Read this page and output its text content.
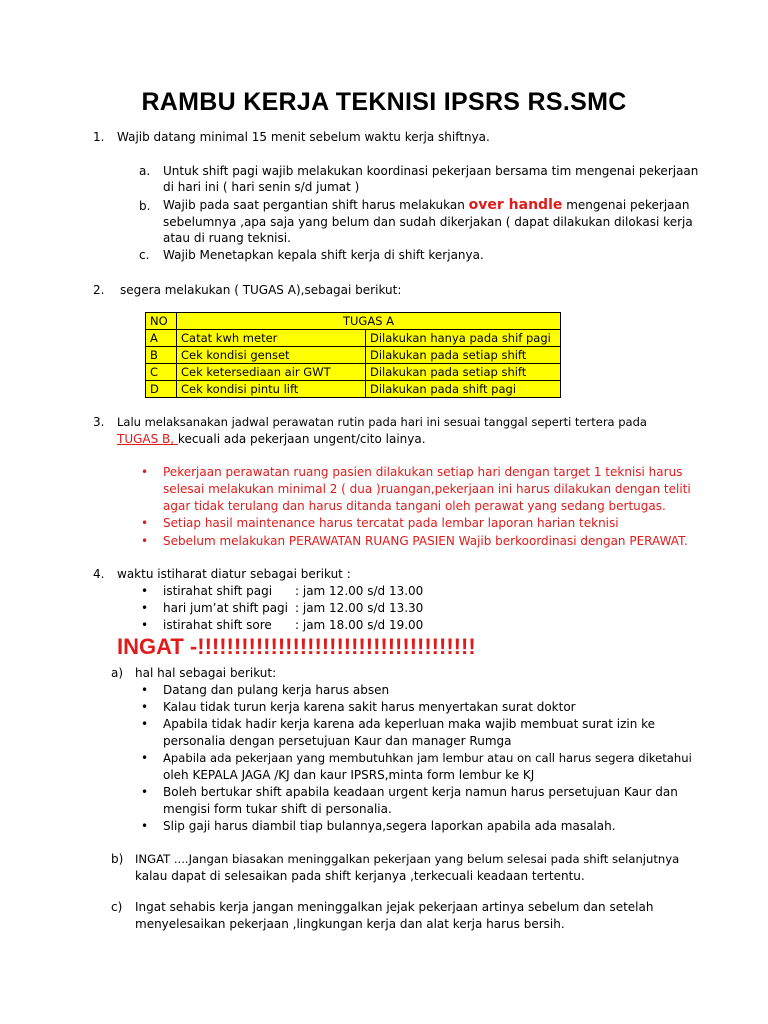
RAMBU KERJA TEKNISI IPSRS RS.SMC
1. Wajib datang minimal 15 menit sebelum waktu kerja shiftnya.
a. Untuk shift pagi wajib melakukan koordinasi pekerjaan bersama tim mengenai pekerjaan
di hari ini ( hari senin s/d jumat )
b. Wajib pada saat pergantian shift harus melakukan over handle mengenai pekerjaan
sebelumnya ,apa saja yang belum dan sudah dikerjakan ( dapat dilakukan dilokasi kerja
atau di ruang teknisi.
c. Wajib Menetapkan kepala shift kerja di shift kerjanya.
2. segera melakukan ( TUGAS A),sebagai berikut:
NO	TUGAS A	
A	Catat kwh meter	Dilakukan hanya pada shif pagi
B	Cek kondisi genset	Dilakukan pada setiap shift
C	Cek ketersediaan air GWT	Dilakukan pada setiap shift
D	Cek kondisi pintu lift	Dilakukan pada shift pagi
3. Lalu melaksanakan jadwal perawatan rutin pada hari ini sesuai tanggal seperti tertera pada
TUGAS B, kecuali ada pekerjaan ungent/cito lainya.
• Pekerjaan perawatan ruang pasien dilakukan setiap hari dengan target 1 teknisi harus
selesai melakukan minimal 2 ( dua )ruangan,pekerjaan ini harus dilakukan dengan teliti
agar tidak terulang dan harus ditanda tangani oleh perawat yang sedang bertugas.
• Setiap hasil maintenance harus tercatat pada lembar laporan harian teknisi
• Sebelum melakukan PERAWATAN RUANG PASIEN Wajib berkoordinasi dengan PERAWAT.
4. waktu istiharat diatur sebagai berikut :
• istirahat shift pagi : jam 12.00 s/d 13.00
• hari jum’at shift pagi : jam 12.00 s/d 13.30
• istirahat shift sore : jam 18.00 s/d 19.00
INGAT -!!!!!!!!!!!!!!!!!!!!!!!!!!!!!!!!!!!!!!
a) hal hal sebagai berikut:
• Datang dan pulang kerja harus absen
• Kalau tidak turun kerja karena sakit harus menyertakan surat doktor
• Apabila tidak hadir kerja karena ada keperluan maka wajib membuat surat izin ke
personalia dengan persetujuan Kaur dan manager Rumga
• Apabila ada pekerjaan yang membutuhkan jam lembur atau on call harus segera diketahui
oleh KEPALA JAGA /KJ dan kaur IPSRS,minta form lembur ke KJ
• Boleh bertukar shift apabila keadaan urgent kerja namun harus persetujuan Kaur dan
mengisi form tukar shift di personalia.
• Slip gaji harus diambil tiap bulannya,segera laporkan apabila ada masalah.
b) INGAT ....Jangan biasakan meninggalkan pekerjaan yang belum selesai pada shift selanjutnya
kalau dapat di selesaikan pada shift kerjanya ,terkecuali keadaan tertentu.
c) Ingat sehabis kerja jangan meninggalkan jejak pekerjaan artinya sebelum dan setelah
menyelesaikan pekerjaan ,lingkungan kerja dan alat kerja harus bersih.
